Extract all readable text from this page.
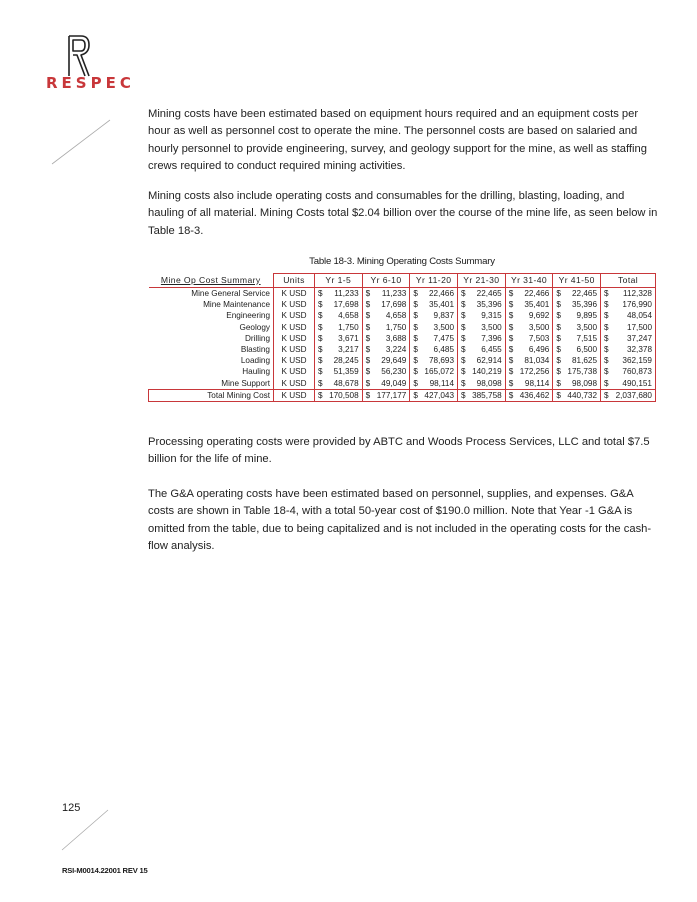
RESPEC

Mining costs have been estimated based on equipment hours required and an equipment costs per hour as well as personnel cost to operate the mine. The personnel costs are based on salaried and hourly personnel to provide engineering, survey, and geology support for the mine, as well as staffing crews required to conduct required mining activities.

Mining costs also include operating costs and consumables for the drilling, blasting, loading, and hauling of all material. Mining Costs total $2.04 billion over the course of the mine life, as seen below in Table 18-3.

Table 18-3. Mining Operating Costs Summary
Mine Op Cost Summary	Units	Yr 1-5		Yr 6-10		Yr 11-20		Yr 21-30		Yr 31-40		Yr 41-50		Total	
Mine General Service	K USD	$	11,233	$	11,233	$	22,466	$	22,465	$	22,466	$	22,465	$	112,328
Mine Maintenance	K USD	$	17,698	$	17,698	$	35,401	$	35,396	$	35,401	$	35,396	$	176,990
Engineering	K USD	$	4,658	$	4,658	$	9,837	$	9,315	$	9,692	$	9,895	$	48,054
Geology	K USD	$	1,750	$	1,750	$	3,500	$	3,500	$	3,500	$	3,500	$	17,500
Drilling	K USD	$	3,671	$	3,688	$	7,475	$	7,396	$	7,503	$	7,515	$	37,247
Blasting	K USD	$	3,217	$	3,224	$	6,485	$	6,455	$	6,496	$	6,500	$	32,378
Loading	K USD	$	28,245	$	29,649	$	78,693	$	62,914	$	81,034	$	81,625	$	362,159
Hauling	K USD	$	51,359	$	56,230	$	165,072	$	140,219	$	172,256	$	175,738	$	760,873
Mine Support	K USD	$	48,678	$	49,049	$	98,114	$	98,098	$	98,114	$	98,098	$	490,151
Total Mining Cost	K USD	$	170,508	$	177,177	$	427,043	$	385,758	$	436,462	$	440,732	$	2,037,680

Processing operating costs were provided by ABTC and Woods Process Services, LLC and total $7.5 billion for the life of mine.

The G&A operating costs have been estimated based on personnel, supplies, and expenses. G&A costs are shown in Table 18-4, with a total 50-year cost of $190.0 million. Note that Year -1 G&A is omitted from the table, due to being capitalized and is not included in the operating costs for the cash-flow analysis.

125
RSI-M0014.22001 REV 15
